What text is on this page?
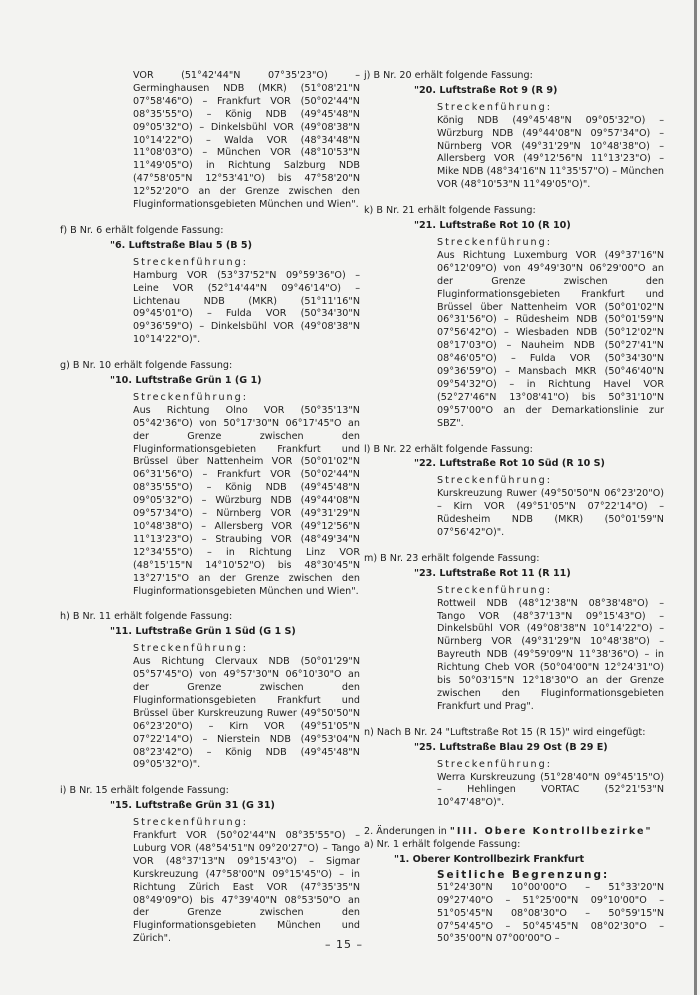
VOR (51°42'44"N 07°35'23"O) – Germinghausen NDB (MKR) (51°08'21"N 07°58'46"O) – Frankfurt VOR (50°02'44"N 08°35'55"O) – König NDB (49°45'48"N 09°05'32"O) – Dinkelsbühl VOR (49°08'38"N 10°14'22"O) – Walda VOR (48°34'48"N 11°08'03"O) – München VOR (48°10'53"N 11°49'05"O) in Richtung Salzburg NDB (47°58'05"N 12°53'41"O) bis 47°58'20"N 12°52'20"O an der Grenze zwischen den Fluginformationsgebieten München und Wien".
f) B Nr. 6 erhält folgende Fassung:
"6. Luftstraße Blau 5 (B 5)
Streckenführung:
Hamburg VOR (53°37'52"N 09°59'36"O) – Leine VOR (52°14'44"N 09°46'14"O) – Lichtenau NDB (MKR) (51°11'16"N 09°45'01"O) – Fulda VOR (50°34'30"N 09°36'59"O) – Dinkelsbühl VOR (49°08'38"N 10°14'22"O)".
g) B Nr. 10 erhält folgende Fassung:
"10. Luftstraße Grün 1 (G 1)
Streckenführung:
Aus Richtung Olno VOR (50°35'13"N 05°42'36"O) von 50°17'30"N 06°17'45"O an der Grenze zwischen den Fluginformationsgebieten Frankfurt und Brüssel über Nattenheim VOR (50°01'02"N 06°31'56"O) – Frankfurt VOR (50°02'44"N 08°35'55"O) – König NDB (49°45'48"N 09°05'32"O) – Würzburg NDB (49°44'08"N 09°57'34"O) – Nürnberg VOR (49°31'29"N 10°48'38"O) – Allersberg VOR (49°12'56"N 11°13'23"O) – Straubing VOR (48°49'34"N 12°34'55"O) – in Richtung Linz VOR (48°15'15"N 14°10'52"O) bis 48°30'45"N 13°27'15"O an der Grenze zwischen den Fluginformationsgebieten München und Wien".
h) B Nr. 11 erhält folgende Fassung:
"11. Luftstraße Grün 1 Süd (G 1 S)
Streckenführung:
Aus Richtung Clervaux NDB (50°01'29"N 05°57'45"O) von 49°57'30"N 06°10'30"O an der Grenze zwischen den Fluginformationsgebieten Frankfurt und Brüssel über Kurskreuzung Ruwer (49°50'50"N 06°23'20"O) – Kirn VOR (49°51'05"N 07°22'14"O) – Nierstein NDB (49°53'04"N 08°23'42"O) – König NDB (49°45'48"N 09°05'32"O)".
i) B Nr. 15 erhält folgende Fassung:
"15. Luftstraße Grün 31 (G 31)
Streckenführung:
Frankfurt VOR (50°02'44"N 08°35'55"O) – Luburg VOR (48°54'51"N 09°20'27"O) – Tango VOR (48°37'13"N 09°15'43"O) – Sigmar Kurskreuzung (47°58'00"N 09°15'45"O) – in Richtung Zürich East VOR (47°35'35"N 08°49'09"O) bis 47°39'40"N 08°53'50"O an der Grenze zwischen den Fluginformationsgebieten München und Zürich".
j) B Nr. 20 erhält folgende Fassung:
"20. Luftstraße Rot 9 (R 9)
Streckenführung:
König NDB (49°45'48"N 09°05'32"O) – Würzburg NDB (49°44'08"N 09°57'34"O) – Nürnberg VOR (49°31'29"N 10°48'38"O) – Allersberg VOR (49°12'56"N 11°13'23"O) – Mike NDB (48°34'16"N 11°35'57"O) – München VOR (48°10'53"N 11°49'05"O)".
k) B Nr. 21 erhält folgende Fassung:
"21. Luftstraße Rot 10 (R 10)
Streckenführung:
Aus Richtung Luxemburg VOR (49°37'16"N 06°12'09"O) von 49°49'30"N 06°29'00"O an der Grenze zwischen den Fluginformationsgebieten Frankfurt und Brüssel über Nattenheim VOR (50°01'02"N 06°31'56"O) – Rüdesheim NDB (50°01'59"N 07°56'42"O) – Wiesbaden NDB (50°12'02"N 08°17'03"O) – Nauheim NDB (50°27'41"N 08°46'05"O) – Fulda VOR (50°34'30"N 09°36'59"O) – Mansbach MKR (50°46'40"N 09°54'32"O) – in Richtung Havel VOR (52°27'46"N 13°08'41"O) bis 50°31'10"N 09°57'00"O an der Demarkationslinie zur SBZ".
l) B Nr. 22 erhält folgende Fassung:
"22. Luftstraße Rot 10 Süd (R 10 S)
Streckenführung:
Kurskreuzung Ruwer (49°50'50"N 06°23'20"O) – Kirn VOR (49°51'05"N 07°22'14"O) – Rüdesheim NDB (MKR) (50°01'59"N 07°56'42"O)".
m) B Nr. 23 erhält folgende Fassung:
"23. Luftstraße Rot 11 (R 11)
Streckenführung:
Rottweil NDB (48°12'38"N 08°38'48"O) – Tango VOR (48°37'13"N 09°15'43"O) – Dinkelsbühl VOR (49°08'38"N 10°14'22"O) – Nürnberg VOR (49°31'29"N 10°48'38"O) – Bayreuth NDB (49°59'09"N 11°38'36"O) – in Richtung Cheb VOR (50°04'00"N 12°24'31"O) bis 50°03'15"N 12°18'30"O an der Grenze zwischen den Fluginformationsgebieten Frankfurt und Prag".
n) Nach B Nr. 24 "Luftstraße Rot 15 (R 15)" wird eingefügt:
"25. Luftstraße Blau 29 Ost (B 29 E)
Streckenführung:
Werra Kurskreuzung (51°28'40"N 09°45'15"O) – Hehlingen VORTAC (52°21'53"N 10°47'48"O)".
2. Änderungen in "III. Obere Kontrollbezirke"
a) Nr. 1 erhält folgende Fassung:
"1. Oberer Kontrollbezirk Frankfurt
Seitliche Begrenzung:
51°24'30"N 10°00'00"O – 51°33'20"N 09°27'40"O – 51°25'00"N 09°10'00"O – 51°05'45"N 08°08'30"O – 50°59'15"N 07°54'45"O – 50°45'45"N 08°02'30"O – 50°35'00"N 07°00'00"O –
– 15 –
